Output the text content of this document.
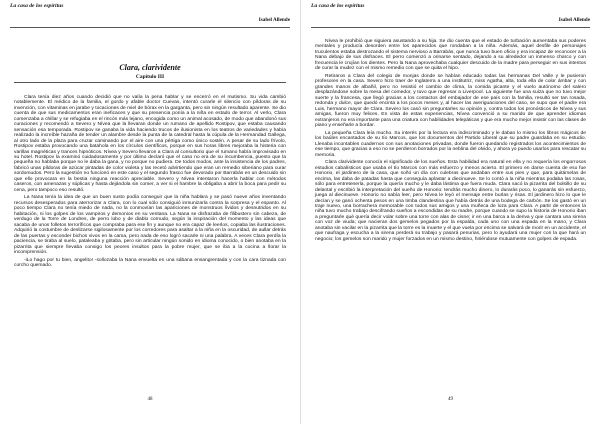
La casa de los espíritus
Isabel Allende
Clara, clarividente
Capítulo III

Clara tenía diez años cuando decidió que no valía la pena hablar y se encerró en el mutismo. Su vida cambió notablemente. El médico de la familia, el gordo y afable doctor Cuevas, intentó curarle el silencio con píldoras de su invención, con vitaminas en jarabe y tocaciones de miel de bórax en la garganta, pero sin ningún resultado aparente. Se dio cuenta de que sus medicamentos eran ineficaces y que su presencia ponía a la niña en estado de terror. Al verlo, Clara comenzaba a chillar y se refugiaba en el rincón más lejano, encogida como un animal acosado, de modo que abandonó sus curaciones y recomendó a Severo y Nívea que la llevaran donde un rumano de apellido Rostipov, que estaba causando sensación esa temporada. Rostipov se ganaba la vida haciendo trucos de ilusionista en los teatros de variedades y había realizado la increíble hazaña de tender un alambre desde la punta de la catedral hasta la cúpula de la Hermandad Gallega, al otro lado de la plaza para cruzar caminando por el aire con una pértiga como único sostén. A pesar de su lado frívolo, Rostipov estaba provocando una batahola en los círculos científicos, porque en sus horas libres mejoraba la histeria con varillas magnéticas y trances hipnóticos. Nívea y Severo llevaron a Clara al consultorio que el rumano había improvisado en su hotel. Rostipov la examinó cuidadosamente y por último declaró que el caso no era de su incumbencia, puesto que la pequeña no hablaba porque no le daba la gana, y no porque no pudiera. De todos modos, ante la insistencia de los padres, fabricó unas píldoras de azúcar pintadas de color violeta y las recetó advirtiendo que eran un remedio siberiano para curar sordomudos. Pero la sugestión no funcionó en este caso y el segundo frasco fue devorado por Barrabás en un descuido sin que ello provocara en la bestia ninguna reacción apreciable. Severo y Nívea intentaron hacerla hablar con métodos caseros, con amenazas y súplicas y hasta dejándola sin comer, a ver si el hambre la obligaba a abrir la boca para pedir su cena, pero tampoco eso resultó.

La Nana tenía la idea de que un buen susto podía conseguir que la niña hablara y se pasó nueve años inventando recursos desesperados para aterrorizar a Clara, con lo cual sólo consiguió inmunizarla contra la sorpresa y el espanto. Al poco tiempo Clara no tenía miedo de nada, no la conmovían las apariciones de monstruos lívidos y desnutridos en su habitación, ni los golpes de los vampiros y demonios en su ventana. La Nana se disfrazaba de filibustero sin cabeza, de verdugo de la Torre de Londres, de perro lobo y de diablo cornudo, según la inspiración del momento y las ideas que sacaba de unos folletos terroríficos que compraba para ese fin y aunque no era capaz de leerlos, copiaba las ilustraciones. Adquirió la costumbre de deslizarse sigilosamente por los corredores para asaltar a la niña en la oscuridad, de aullar detrás de las puertas y esconder bichos vivos en la cama, pero nada de eso logró sacarle ni una palabra. A veces Clara perdía la paciencia, se tiraba al suelo, pataleaba y gritaba, pero sin articular ningún sonido en idioma conocido, o bien anotaba en la pizarrita que siempre llevaba consigo los peores insultos para la pobre mujer, que se iba a la cocina a llorar la incomprensión.

-iLo hago por tu bien, angelito! -sollozaba la Nana envuelta en una sábana ensangrentada y con la cara tiznada con corcho quemado.

48
La casa de los espíritus
Isabel Allende

Nívea le prohibió que siguiera asustando a su hija. Se dio cuenta que el estado de turbación aumentaba sus poderes mentales y producía desorden entre los aparecidos que rondaban a la niña. Además, aquel desfile de personajes truculentos estaba destrozando el sistema nervioso a Barrabás, que nunca tuvo buen oficio y era incapaz de reconocer a la Nana debajo de sus disfraces. El perro comenzó a orinarse sentado, dejando a su alrededor un inmenso charco y con frecuencia le crujían los dientes. Pero la Nana aprovechaba cualquier descuido de la madre para perseguir en sus intentos de curar la mudez con el mismo remedio con que se quita el hipo.

Retiraron a Clara del colegio de monjas donde se habían educado todas las hermanas Del Valle y le pusieron profesores en la casa. Severo hizo traer de Inglaterra a una institutriz, miss Agatha, alta, toda ella de color ámbar y con grandes manos de albañil, pero no resistió el cambio de clima, la comida picante y el vuelo autónomo del salero desplazándose sobre la mesa del comedor, y tuvo que regresar a Liverpool. La siguiente fue una suiza que no tuvo mejor suerte y la francesa, que llegó gracias a los contactos del embajador de ese país con la familia, resultó ser tan rosada, redonda y dulce, que quedó encinta a los pocos meses y, al hacer las averiguaciones del caso, se supo que el padre era Luis, hermano mayor de Clara. Severo los casó sin preguntarles su opinión y, contra todos los pronósticos de Nívea y sus amigas, fueron muy felices. En vista de estas experiencias, Nívea convenció a su marido de que aprender idiomas extranjeros no era importante para una criatura con habilidades telepáticas y que era mucho mejor insistir con las clases de piano y enseñarle a bordar.

La pequeña Clara leía mucho. Su interés por la lectura era indiscriminado y le daban lo mismo los libros mágicos de los baúles encantados de su tío Marcos, que los documentos del Partido Liberal que su padre guardaba en su estudio. Llenaba incontables cuadernos con sus anotaciones privadas, donde fueron quedando registrados los acontecimientos de ese tiempo, que gracias a eso no se perdieron borrados por la neblina del olvido, y ahora yo puedo usarlos para rescatar su memoria.

Clara clarividente conocía el significado de los sueños. Esta habilidad era natural en ella y no requería los engorrosos estudios cabalísticos que usaba el tío Marcos con más esfuerzo y menos acierto. El primero en darse cuenta de eso fue Honorio, el jardinero de la casa, que soñó un día con culebras que andaban entre sus pies y que, para quitárselas de encima, las daba de patadas hasta que conseguía aplastar a diecinueve. Se lo contó a la niña mientras podaba las rosas, sólo para entretenerla, porque la quería mucho y le daba lástima que fuera muda. Clara sacó la pizarrita del bolsillo de su delantal y escribió la interpretación del sueño de Honorio: tendrás mucho dinero, lo durarás poco, lo ganarás sin esfuerzo, juega al diecinueve. Honorio no sabía leer, pero Nívea le leyó el mensaje entre burlas y risas. El jardinero hizo lo que le decían y se ganó ochenta pesos en una timba clandestina que había detrás de una bodega de carbón. Se los gastó en un traje nuevo, una borrachera memorable con todos sus amigos y una muñeca de loza para Clara. A partir de entonces la niña tuvo mucho trabajo descifrando sueños a escondidas de su madre, porque cuando se supo la historia de Honorio iban a preguntarle qué quería decir volar sobre una torre con alas de cisne; ir en una barca a la deriva y que cantara una sirena con voz de viuda; que nacieran dos gemelos pegados por la espalda, cada uno con una espada en la mano, y Clara anotaba sin vacilar en la pizarrita que la torre es la muerte y el que vuela por encima se salvará de morir en un accidente, el que naufraga y escucha a la sirena perderá su trabajo y pasará penurias, pero lo ayudará una mujer con la que hará un negocio; los gemelos son marido y mujer forzados en un mismo destino, hiriéndose mutuamente con golpes de espada.

49
